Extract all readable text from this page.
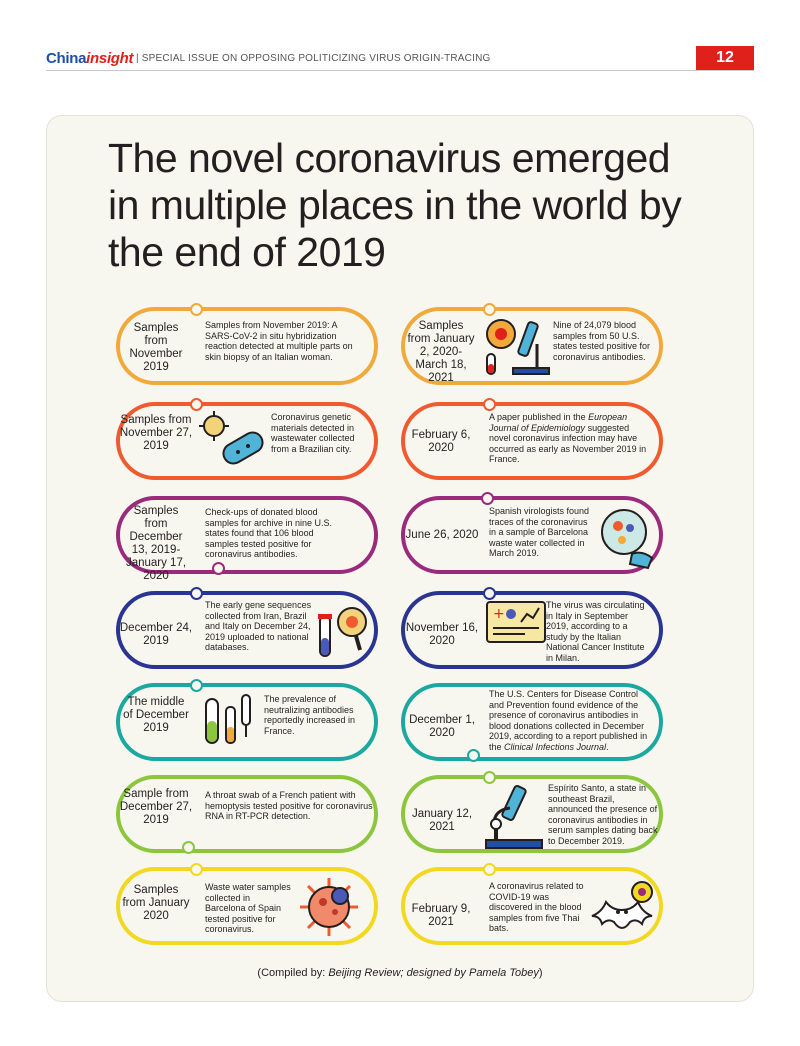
Chinainsight | SPECIAL ISSUE ON OPPOSING POLITICIZING VIRUS ORIGIN-TRACING	12
The novel coronavirus emerged in multiple places in the world by the end of 2019
Samples from November 2019
Samples from November 2019: A SARS-CoV-2 in situ hybridization reaction detected at multiple parts on skin biopsy of an Italian woman.
Samples from November 27, 2019
Coronavirus genetic materials detected in wastewater collected from a Brazilian city.
Samples from December 13, 2019-January 17, 2020
Check-ups of donated blood samples for archive in nine U.S. states found that 106 blood samples tested positive for coronavirus antibodies.
December 24, 2019
The early gene sequences collected from Iran, Brazil and Italy on December 24, 2019 uploaded to national databases.
The middle of December 2019
The prevalence of neutralizing antibodies reportedly increased in France.
Sample from December 27, 2019
A throat swab of a French patient with hemoptysis tested positive for coronavirus RNA in RT-PCR detection.
Samples from January 2020
Waste water samples collected in Barcelona of Spain tested positive for coronavirus.
Samples from January 2, 2020-March 18, 2021
Nine of 24,079 blood samples from 50 U.S. states tested positive for coronavirus antibodies.
February 6, 2020
A paper published in the European Journal of Epidemiology suggested novel coronavirus infection may have occurred as early as November 2019 in France.
June 26, 2020
Spanish virologists found traces of the coronavirus in a sample of Barcelona waste water collected in March 2019.
November 16, 2020
+
The virus was circulating in Italy in September 2019, according to a study by the Italian National Cancer Institute in Milan.
December 1, 2020
The U.S. Centers for Disease Control and Prevention found evidence of the presence of coronavirus antibodies in blood donations collected in December 2019, according to a report published in the Clinical Infections Journal.
January 12, 2021
Espírito Santo, a state in southeast Brazil, announced the presence of coronavirus antibodies in serum samples dating back to December 2019.
February 9, 2021
A coronavirus related to COVID-19 was discovered in the blood samples from five Thai bats.
(Compiled by: Beijing Review; designed by Pamela Tobey)
